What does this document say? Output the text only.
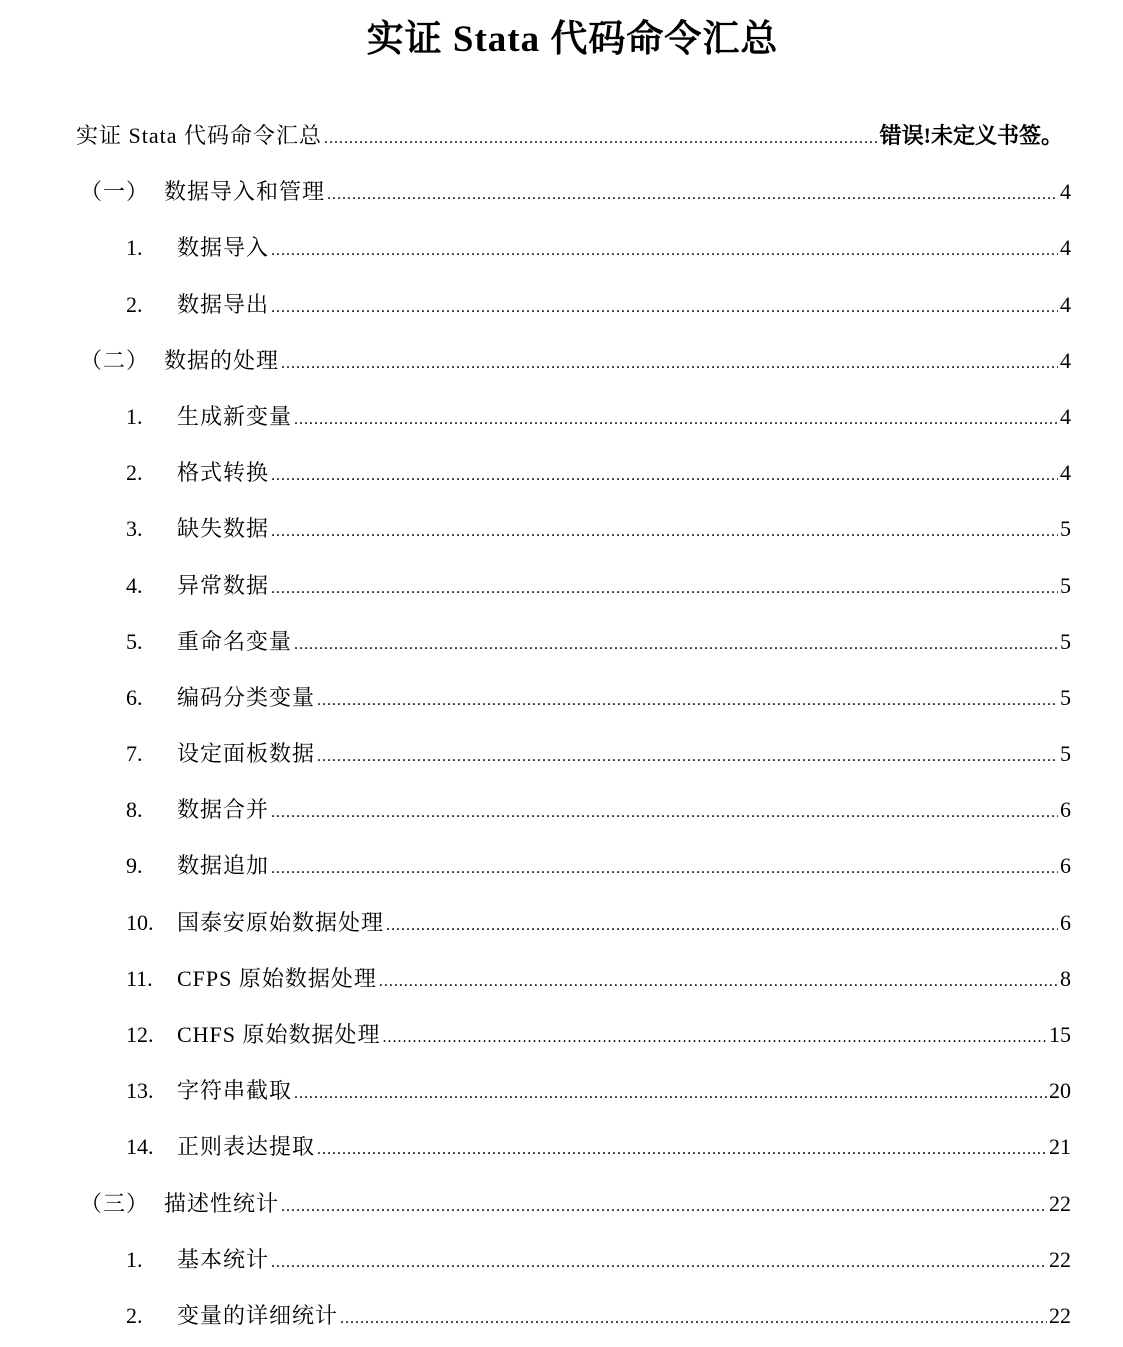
实证 Stata 代码命令汇总
实证 Stata 代码命令汇总 .....	错误!未定义书签。
（一） 数据导入和管理 .....	4
1.	数据导入 .....	4
2.	数据导出 .....	4
（二） 数据的处理 .....	4
1.	生成新变量 .....	4
2.	格式转换 .....	4
3.	缺失数据 .....	5
4.	异常数据 .....	5
5.	重命名变量 .....	5
6.	编码分类变量 .....	5
7.	设定面板数据 .....	5
8.	数据合并 .....	6
9.	数据追加 .....	6
10.	国泰安原始数据处理 .....	6
11.	CFPS 原始数据处理 .....	8
12.	CHFS 原始数据处理 .....	15
13.	字符串截取 .....	20
14.	正则表达提取 .....	21
（三） 描述性统计 .....	22
1.	基本统计 .....	22
2.	变量的详细统计 .....	22
